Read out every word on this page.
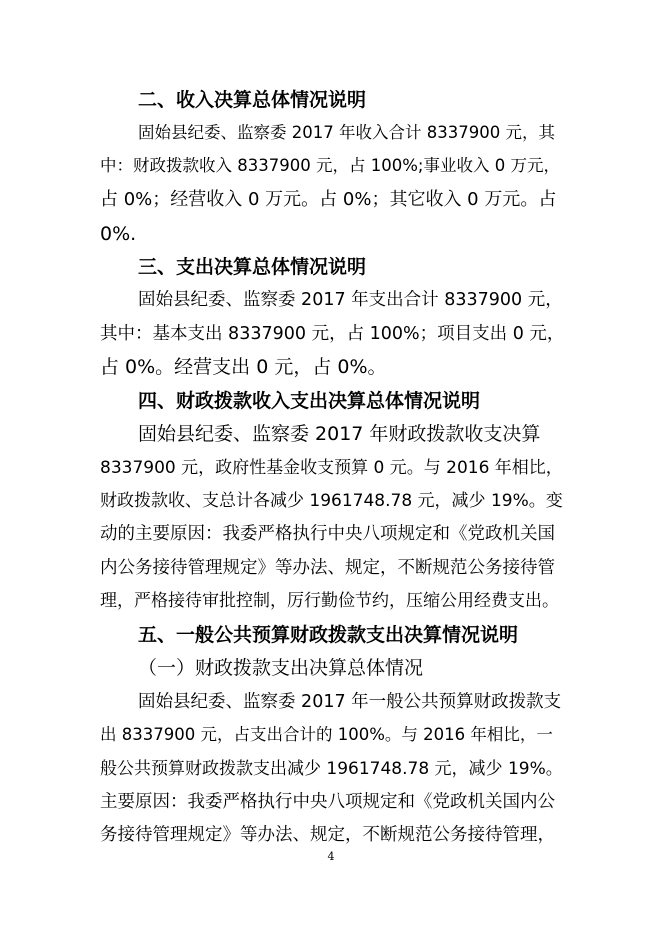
二、收入决算总体情况说明

固始县纪委、监察委 2017 年收入合计 8337900 元，其

中：财政拨款收入 8337900 元，占 100%;事业收入 0 万元，

占 0%；经营收入 0 万元。占 0%；其它收入 0 万元。占

0%.

三、支出决算总体情况说明

固始县纪委、监察委 2017 年支出合计 8337900 元，

其中：基本支出 8337900 元，占 100%；项目支出 0 元，

占 0%。经营支出 0 元，占 0%。

四、财政拨款收入支出决算总体情况说明

固始县纪委、监察委 2017 年财政拨款收支决算

8337900 元，政府性基金收支预算 0 元。与 2016 年相比，

财政拨款收、支总计各减少 1961748.78 元，减少 19%。变

动的主要原因：我委严格执行中央八项规定和《党政机关国

内公务接待管理规定》等办法、规定，不断规范公务接待管

理，严格接待审批控制，厉行勤俭节约，压缩公用经费支出。

五、一般公共预算财政拨款支出决算情况说明

（一）财政拨款支出决算总体情况

固始县纪委、监察委 2017 年一般公共预算财政拨款支

出 8337900 元，占支出合计的 100%。与 2016 年相比，一

般公共预算财政拨款支出减少 1961748.78 元，减少 19%。

主要原因：我委严格执行中央八项规定和《党政机关国内公

务接待管理规定》等办法、规定，不断规范公务接待管理，

4
